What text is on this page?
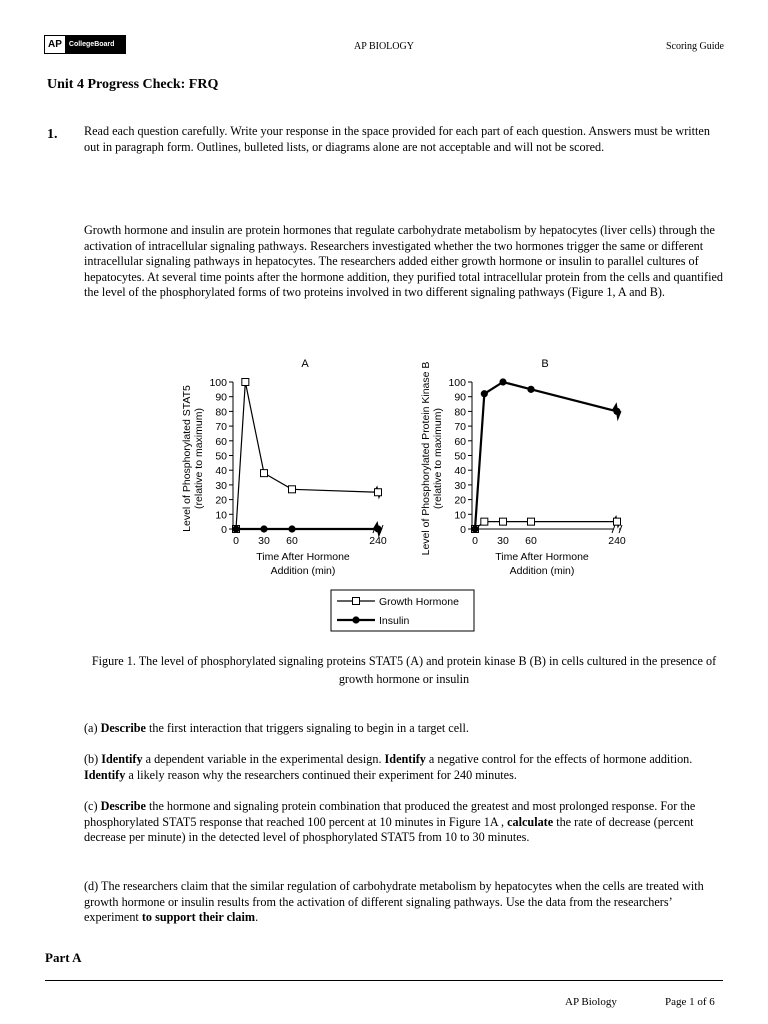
AP	CollegeBoard	AP BIOLOGY	Scoring Guide
Unit 4 Progress Check: FRQ
1. Read each question carefully. Write your response in the space provided for each part of each question. Answers must be written out in paragraph form. Outlines, bulleted lists, or diagrams alone are not acceptable and will not be scored.
Growth hormone and insulin are protein hormones that regulate carbohydrate metabolism by hepatocytes (liver cells) through the activation of intracellular signaling pathways. Researchers investigated whether the two hormones trigger the same or different intracellular signaling pathways in hepatocytes. The researchers added either growth hormone or insulin to parallel cultures of hepatocytes. At several time points after the hormone addition, they purified total intracellular protein from the cells and quantified the level of the phosphorylated forms of two proteins involved in two different signaling pathways (Figure 1, A and B).
A
0
10
20
30
40
50
60
70
80
90
100
0 30 60	240
Time After Hormone
Addition (min)
Level of Phosphorylated STAT5 (relative to maximum)
B
0
10
20
30
40
50
60
70
80
90
100
0 30 60	240
Time After Hormone
Addition (min)
Level of Phosphorylated Protein Kinase B (relative to maximum)
Growth Hormone
Insulin
Figure 1. The level of phosphorylated signaling proteins STAT5 (A) and protein kinase B (B) in cells cultured in the presence of growth hormone or insulin
(a) Describe the first interaction that triggers signaling to begin in a target cell.
(b) Identify a dependent variable in the experimental design. Identify a negative control for the effects of hormone addition. Identify a likely reason why the researchers continued their experiment for 240 minutes.
(c) Describe the hormone and signaling protein combination that produced the greatest and most prolonged response. For the phosphorylated STAT5 response that reached 100 percent at 10 minutes in Figure 1A , calculate the rate of decrease (percent decrease per minute) in the detected level of phosphorylated STAT5 from 10 to 30 minutes.
(d) The researchers claim that the similar regulation of carbohydrate metabolism by hepatocytes when the cells are treated with growth hormone or insulin results from the activation of different signaling pathways. Use the data from the researchers’ experiment to support their claim.
Part A
AP Biology	Page 1 of 6
